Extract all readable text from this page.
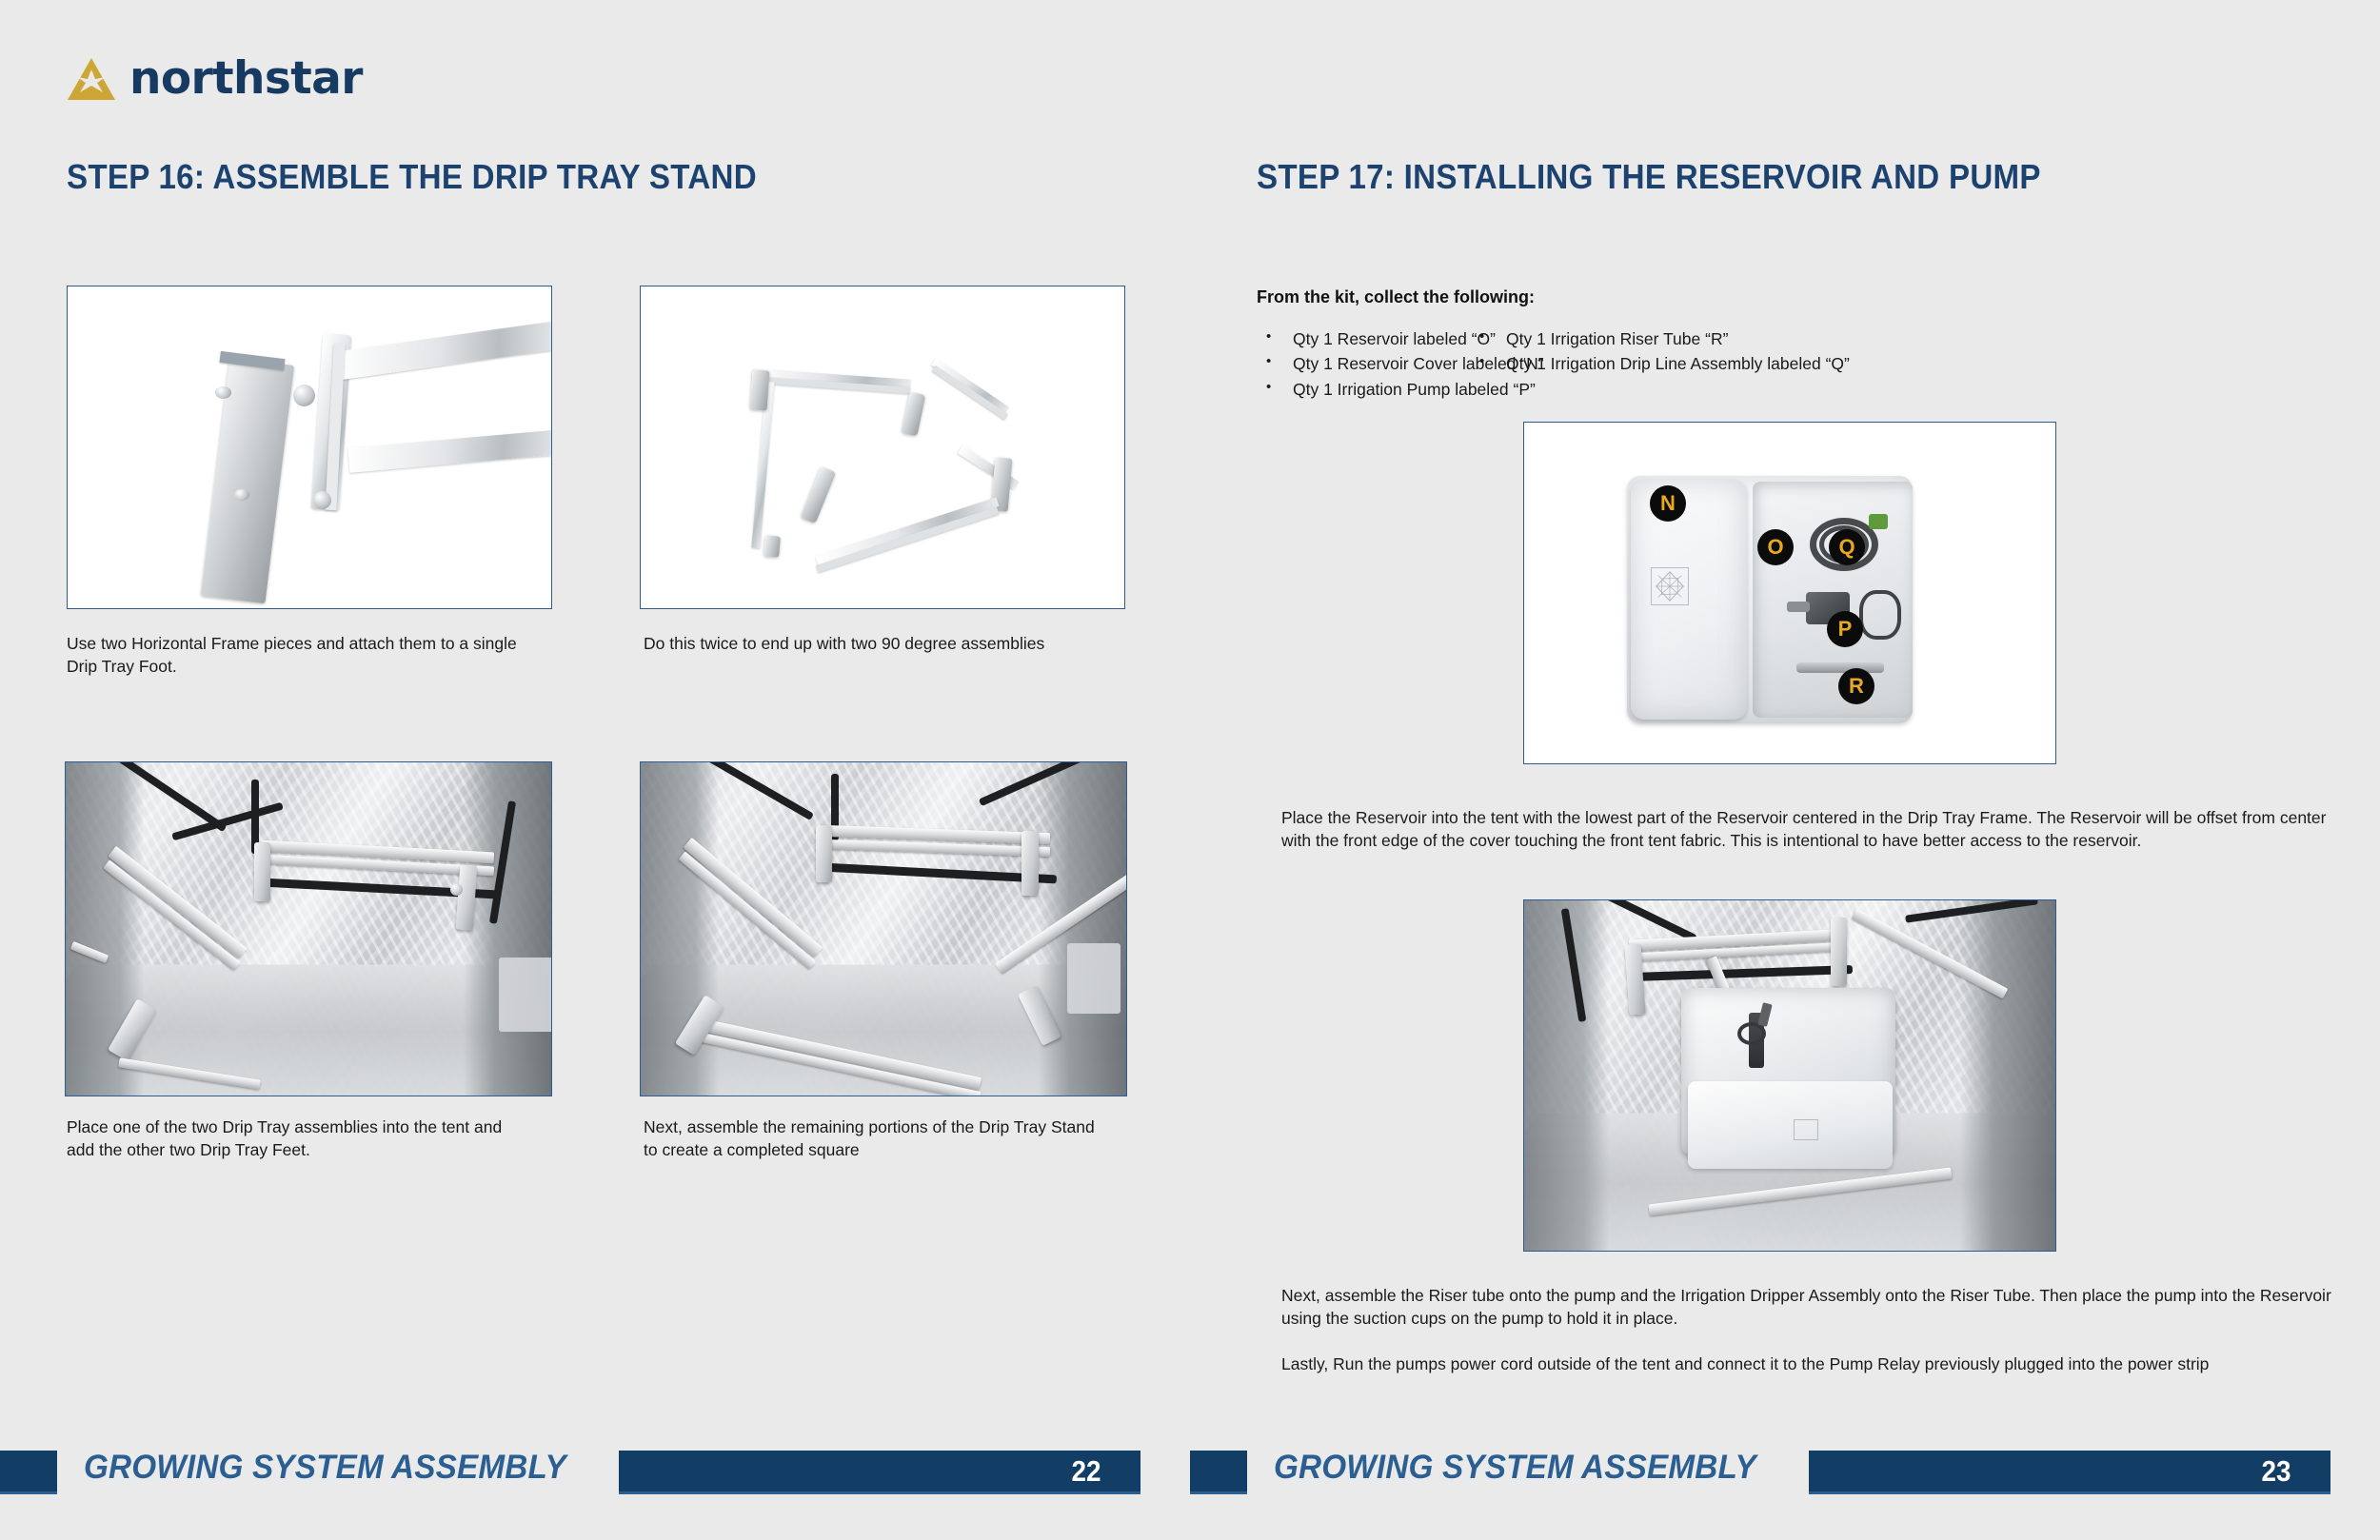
northstar
STEP 16: ASSEMBLE THE DRIP TRAY STAND
Use two Horizontal Frame pieces and attach them to a single Drip Tray Foot.
Do this twice to end up with two 90 degree assemblies
Place one of the two Drip Tray assemblies into the tent and add the other two Drip Tray Feet.
Next, assemble the remaining portions of the Drip Tray Stand to create a completed square
GROWING SYSTEM ASSEMBLY	22
STEP 17: INSTALLING THE RESERVOIR AND PUMP
From the kit, collect the following:
• Qty 1 Reservoir labeled “O”
• Qty 1 Reservoir Cover labeled “N”
• Qty 1 Irrigation Pump labeled “P”
• Qty 1 Irrigation Riser Tube “R”
• Qty 1 Irrigation Drip Line Assembly labeled “Q”
N
O	Q
P
R
Place the Reservoir into the tent with the lowest part of the Reservoir centered in the Drip Tray Frame. The Reservoir will be offset from center with the front edge of the cover touching the front tent fabric. This is intentional to have better access to the reservoir.
Next, assemble the Riser tube onto the pump and the Irrigation Dripper Assembly onto the Riser Tube. Then place the pump into the Reservoir using the suction cups on the pump to hold it in place.
Lastly, Run the pumps power cord outside of the tent and connect it to the Pump Relay previously plugged into the power strip
GROWING SYSTEM ASSEMBLY	23
